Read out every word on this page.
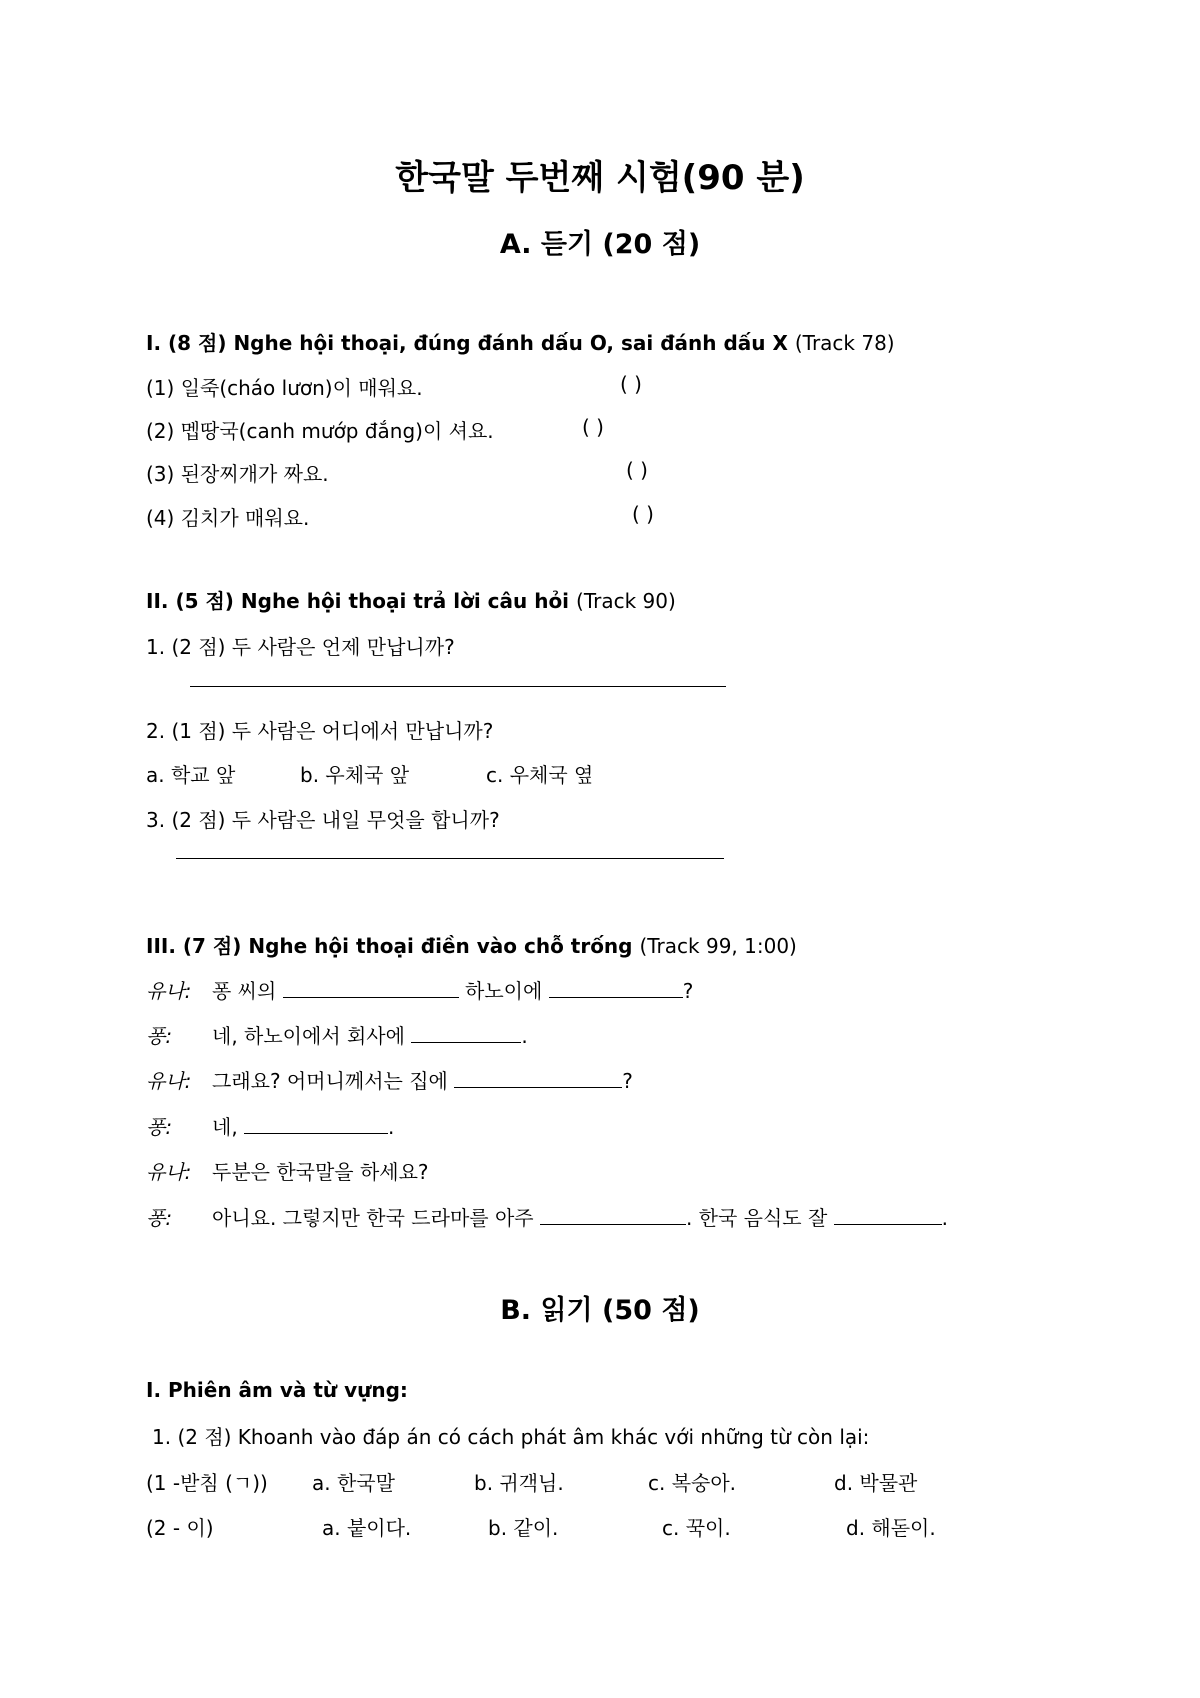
한국말 두번째 시험(90 분)
A. 듣기 (20 점)
I. (8 점) Nghe hội thoại, đúng đánh dấu O, sai đánh dấu X (Track 78)
(1) 일죽(cháo lươn)이 매워요.	( )
(2) 멥땅국(canh mướp đắng)이 셔요.	( )
(3) 된장찌개가 짜요.	( )
(4) 김치가 매워요.	( )
II. (5 점) Nghe hội thoại trả lời câu hỏi (Track 90)
1. (2 점) 두 사람은 언제 만납니까?
2. (1 점) 두 사람은 어디에서 만납니까?
a. 학교 앞	b. 우체국 앞	c. 우체국 옆
3. (2 점) 두 사람은 내일 무엇을 합니까?
III. (7 점) Nghe hội thoại điền vào chỗ trống (Track 99, 1:00)
유나: 퐁 씨의	하노이에	?
퐁: 네, 하노이에서 회사에	.
유나: 그래요? 어머니께서는 집에	?
퐁: 네,	.
유나: 두분은 한국말을 하세요?
퐁: 아니요. 그렇지만 한국 드라마를 아주	. 한국 음식도 잘	.
B. 읽기 (50 점)
I. Phiên âm và từ vựng:
1. (2 점) Khoanh vào đáp án có cách phát âm khác với những từ còn lại:
(1 -받침 (ㄱ)) a. 한국말	b. 귀객님.	c. 복숭아.	d. 박물관
(2 - 이)	a. 붙이다.	b. 같이.	c. 꾹이.	d. 해돋이.
